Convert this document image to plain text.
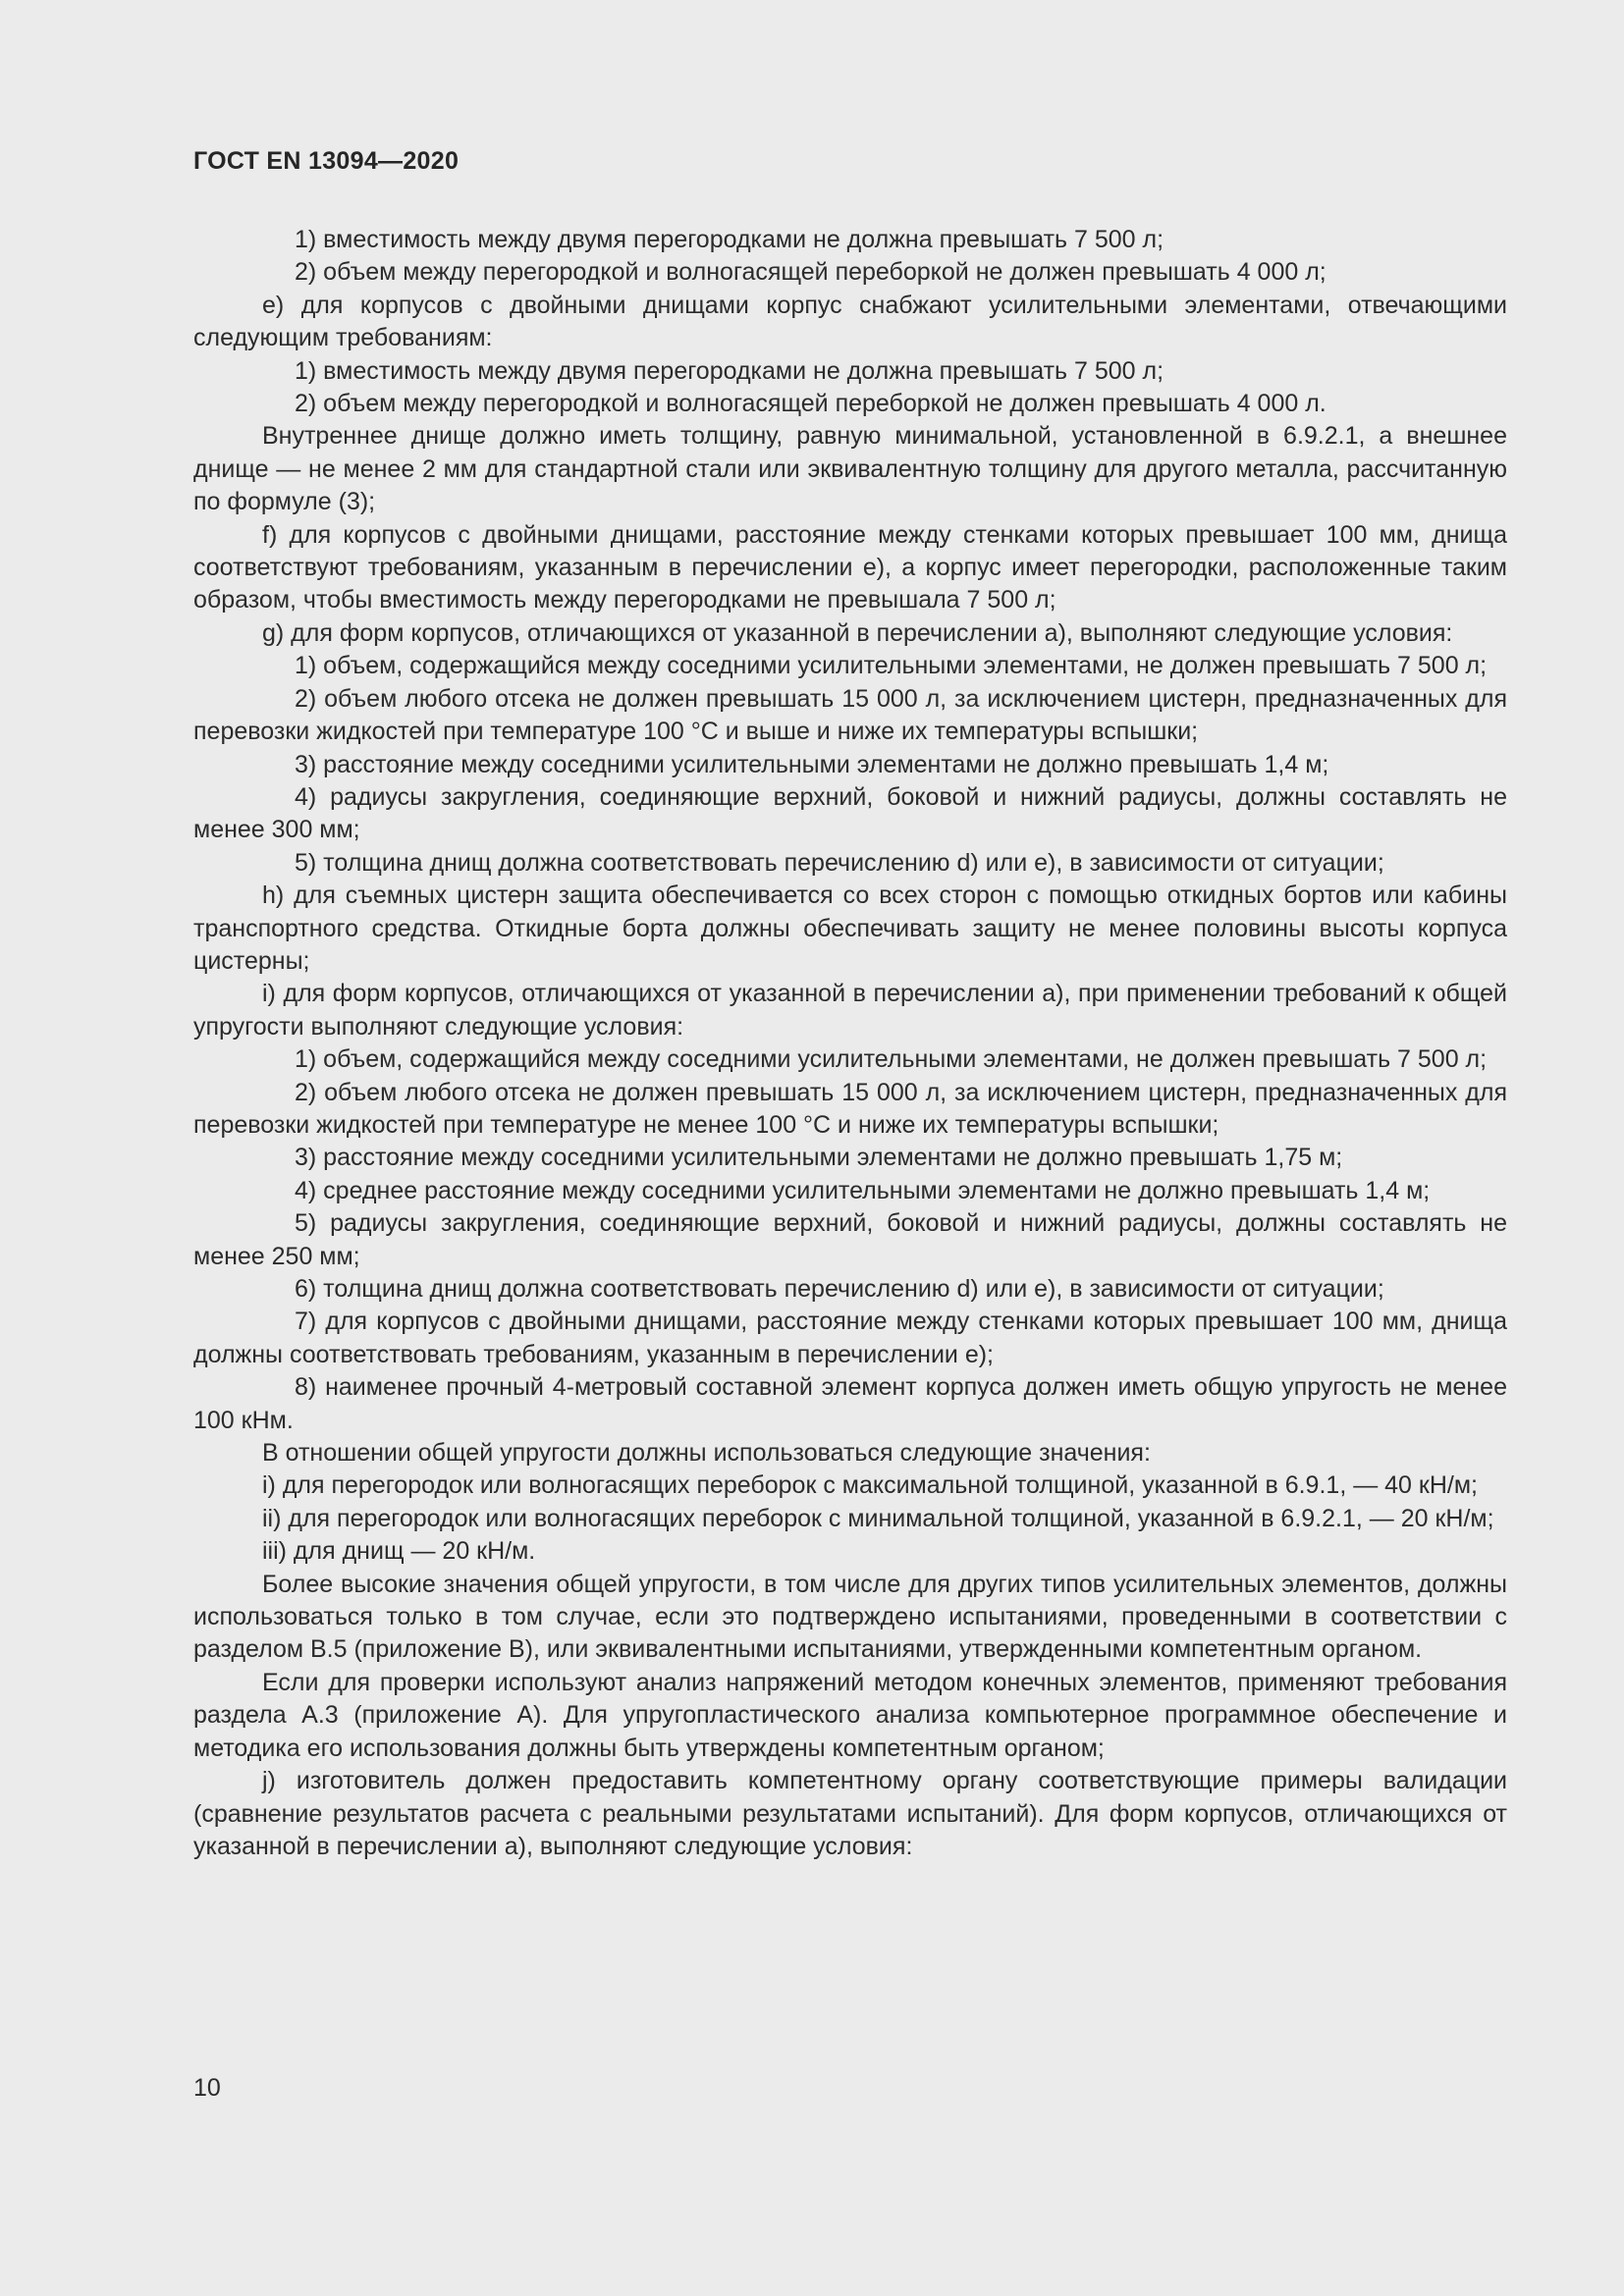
ГОСТ EN 13094—2020

1) вместимость между двумя перегородками не должна превышать 7 500 л;

2) объем между перегородкой и волногасящей переборкой не должен превышать 4 000 л;

e) для корпусов с двойными днищами корпус снабжают усилительными элементами, отвечающими следующим требованиям:

1) вместимость между двумя перегородками не должна превышать 7 500 л;

2) объем между перегородкой и волногасящей переборкой не должен превышать 4 000 л.

Внутреннее днище должно иметь толщину, равную минимальной, установленной в 6.9.2.1, а внешнее днище — не менее 2 мм для стандартной стали или эквивалентную толщину для другого металла, рассчитанную по формуле (3);

f) для корпусов с двойными днищами, расстояние между стенками которых превышает 100 мм, днища соответствуют требованиям, указанным в перечислении e), а корпус имеет перегородки, расположенные таким образом, чтобы вместимость между перегородками не превышала 7 500 л;

g) для форм корпусов, отличающихся от указанной в перечислении a), выполняют следующие условия:

1) объем, содержащийся между соседними усилительными элементами, не должен превышать 7 500 л;

2) объем любого отсека не должен превышать 15 000 л, за исключением цистерн, предназначенных для перевозки жидкостей при температуре 100 °C и выше и ниже их температуры вспышки;

3) расстояние между соседними усилительными элементами не должно превышать 1,4 м;

4) радиусы закругления, соединяющие верхний, боковой и нижний радиусы, должны составлять не менее 300 мм;

5) толщина днищ должна соответствовать перечислению d) или e), в зависимости от ситуации;

h) для съемных цистерн защита обеспечивается со всех сторон с помощью откидных бортов или кабины транспортного средства. Откидные борта должны обеспечивать защиту не менее половины высоты корпуса цистерны;

i) для форм корпусов, отличающихся от указанной в перечислении a), при применении требований к общей упругости выполняют следующие условия:

1) объем, содержащийся между соседними усилительными элементами, не должен превышать 7 500 л;

2) объем любого отсека не должен превышать 15 000 л, за исключением цистерн, предназначенных для перевозки жидкостей при температуре не менее 100 °C и ниже их температуры вспышки;

3) расстояние между соседними усилительными элементами не должно превышать 1,75 м;

4) среднее расстояние между соседними усилительными элементами не должно превышать 1,4 м;

5) радиусы закругления, соединяющие верхний, боковой и нижний радиусы, должны составлять не менее 250 мм;

6) толщина днищ должна соответствовать перечислению d) или e), в зависимости от ситуации;

7) для корпусов с двойными днищами, расстояние между стенками которых превышает 100 мм, днища должны соответствовать требованиям, указанным в перечислении e);

8) наименее прочный 4-метровый составной элемент корпуса должен иметь общую упругость не менее 100 кНм.

В отношении общей упругости должны использоваться следующие значения:

i) для перегородок или волногасящих переборок с максимальной толщиной, указанной в 6.9.1, — 40 кН/м;

ii) для перегородок или волногасящих переборок с минимальной толщиной, указанной в 6.9.2.1, — 20 кН/м;

iii) для днищ — 20 кН/м.

Более высокие значения общей упругости, в том числе для других типов усилительных элементов, должны использоваться только в том случае, если это подтверждено испытаниями, проведенными в соответствии с разделом B.5 (приложение B), или эквивалентными испытаниями, утвержденными компетентным органом.

Если для проверки используют анализ напряжений методом конечных элементов, применяют требования раздела A.3 (приложение A). Для упругопластического анализа компьютерное программное обеспечение и методика его использования должны быть утверждены компетентным органом;

j) изготовитель должен предоставить компетентному органу соответствующие примеры валидации (сравнение результатов расчета с реальными результатами испытаний). Для форм корпусов, отличающихся от указанной в перечислении a), выполняют следующие условия:

10
